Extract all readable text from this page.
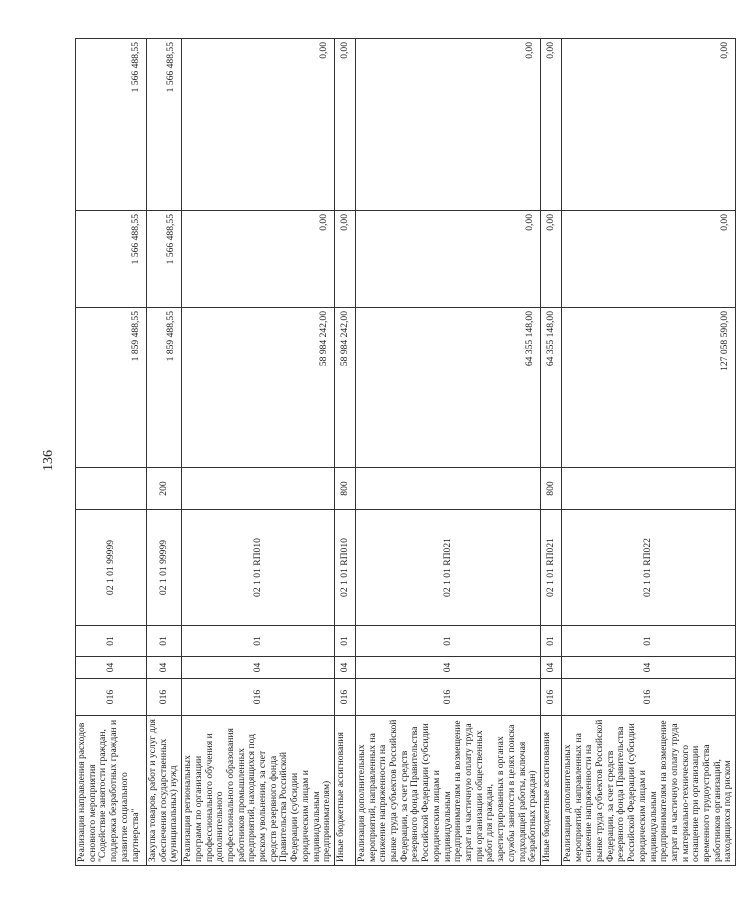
136
Реализация направления расходов основного мероприятия "Содействие занятости граждан, поддержка безработных граждан и развитие социального партнерства"	016	04	01	02 1 01 99999		1 859 488,55	1 566 488,55	1 566 488,55
Закупка товаров, работ и услуг для обеспечения государственных (муниципальных) нужд	016	04	01	02 1 01 99999	200	1 859 488,55	1 566 488,55	1 566 488,55
Реализация региональных программ по организации профессионального обучения и дополнительного профессионального образования работников промышленных предприятий, находящихся под риском увольнения, за счет средств резервного фонда Правительства Российской Федерации (субсидии юридическим лицам и индивидуальным предпринимателям)	016	04	01	02 1 01 RП010		58 984 242,00	0,00	0,00
Иные бюджетные ассигнования	016	04	01	02 1 01 RП010	800	58 984 242,00	0,00	0,00
Реализация дополнительных мероприятий, направленных на снижение напряженности на рынке труда субъектов Российской Федерации, за счет средств резервного фонда Правительства Российской Федерации (субсидии юридическим лицам и индивидуальным предпринимателям на возмещение затрат на частичную оплату труда при организации общественных работ для граждан, зарегистрированных в органах службы занятости в целях поиска подходящей работы, включая безработных граждан)	016	04	01	02 1 01 RП021		64 355 148,00	0,00	0,00
Иные бюджетные ассигнования	016	04	01	02 1 01 RП021	800	64 355 148,00	0,00	0,00
Реализация дополнительных мероприятий, направленных на снижение напряженности на рынке труда субъектов Российской Федерации, за счет средств резервного фонда Правительства Российской Федерации (субсидии юридическим лицам и индивидуальным предпринимателям на возмещение затрат на частичную оплату труда и материально-технического оснащение при организации временного трудоустройства работников организаций, находящихся под риском	016	04	01	02 1 01 RП022		127 058 590,00	0,00	0,00
